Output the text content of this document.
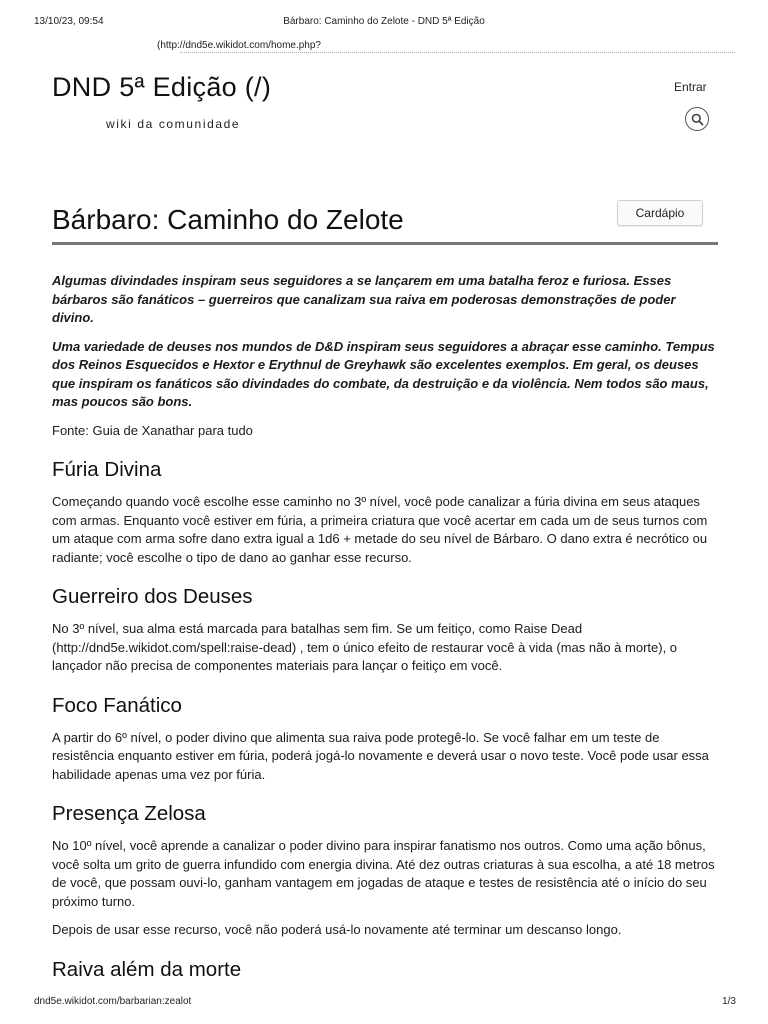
13/10/23, 09:54	Bárbaro: Caminho do Zelote - DND 5ª Edição
(http://dnd5e.wikidot.com/home.php?
DND 5ª Edição (/)
wiki da comunidade
Entrar
Cardápio
Bárbaro: Caminho do Zelote

Algumas divindades inspiram seus seguidores a se lançarem em uma batalha feroz e furiosa. Esses bárbaros são fanáticos – guerreiros que canalizam sua raiva em poderosas demonstrações de poder divino.

Uma variedade de deuses nos mundos de D&D inspiram seus seguidores a abraçar esse caminho. Tempus dos Reinos Esquecidos e Hextor e Erythnul de Greyhawk são excelentes exemplos. Em geral, os deuses que inspiram os fanáticos são divindades do combate, da destruição e da violência. Nem todos são maus, mas poucos são bons.

Fonte: Guia de Xanathar para tudo

Fúria Divina

Começando quando você escolhe esse caminho no 3º nível, você pode canalizar a fúria divina em seus ataques com armas. Enquanto você estiver em fúria, a primeira criatura que você acertar em cada um de seus turnos com um ataque com arma sofre dano extra igual a 1d6 + metade do seu nível de Bárbaro. O dano extra é necrótico ou radiante; você escolhe o tipo de dano ao ganhar esse recurso.

Guerreiro dos Deuses

No 3º nível, sua alma está marcada para batalhas sem fim. Se um feitiço, como Raise Dead (http://dnd5e.wikidot.com/spell:raise-dead) , tem o único efeito de restaurar você à vida (mas não à morte), o lançador não precisa de componentes materiais para lançar o feitiço em você.

Foco Fanático

A partir do 6º nível, o poder divino que alimenta sua raiva pode protegê-lo. Se você falhar em um teste de resistência enquanto estiver em fúria, poderá jogá-lo novamente e deverá usar o novo teste. Você pode usar essa habilidade apenas uma vez por fúria.

Presença Zelosa

No 10º nível, você aprende a canalizar o poder divino para inspirar fanatismo nos outros. Como uma ação bônus, você solta um grito de guerra infundido com energia divina. Até dez outras criaturas à sua escolha, a até 18 metros de você, que possam ouvi-lo, ganham vantagem em jogadas de ataque e testes de resistência até o início do seu próximo turno.

Depois de usar esse recurso, você não poderá usá-lo novamente até terminar um descanso longo.

Raiva além da morte
dnd5e.wikidot.com/barbarian:zealot	1/3
